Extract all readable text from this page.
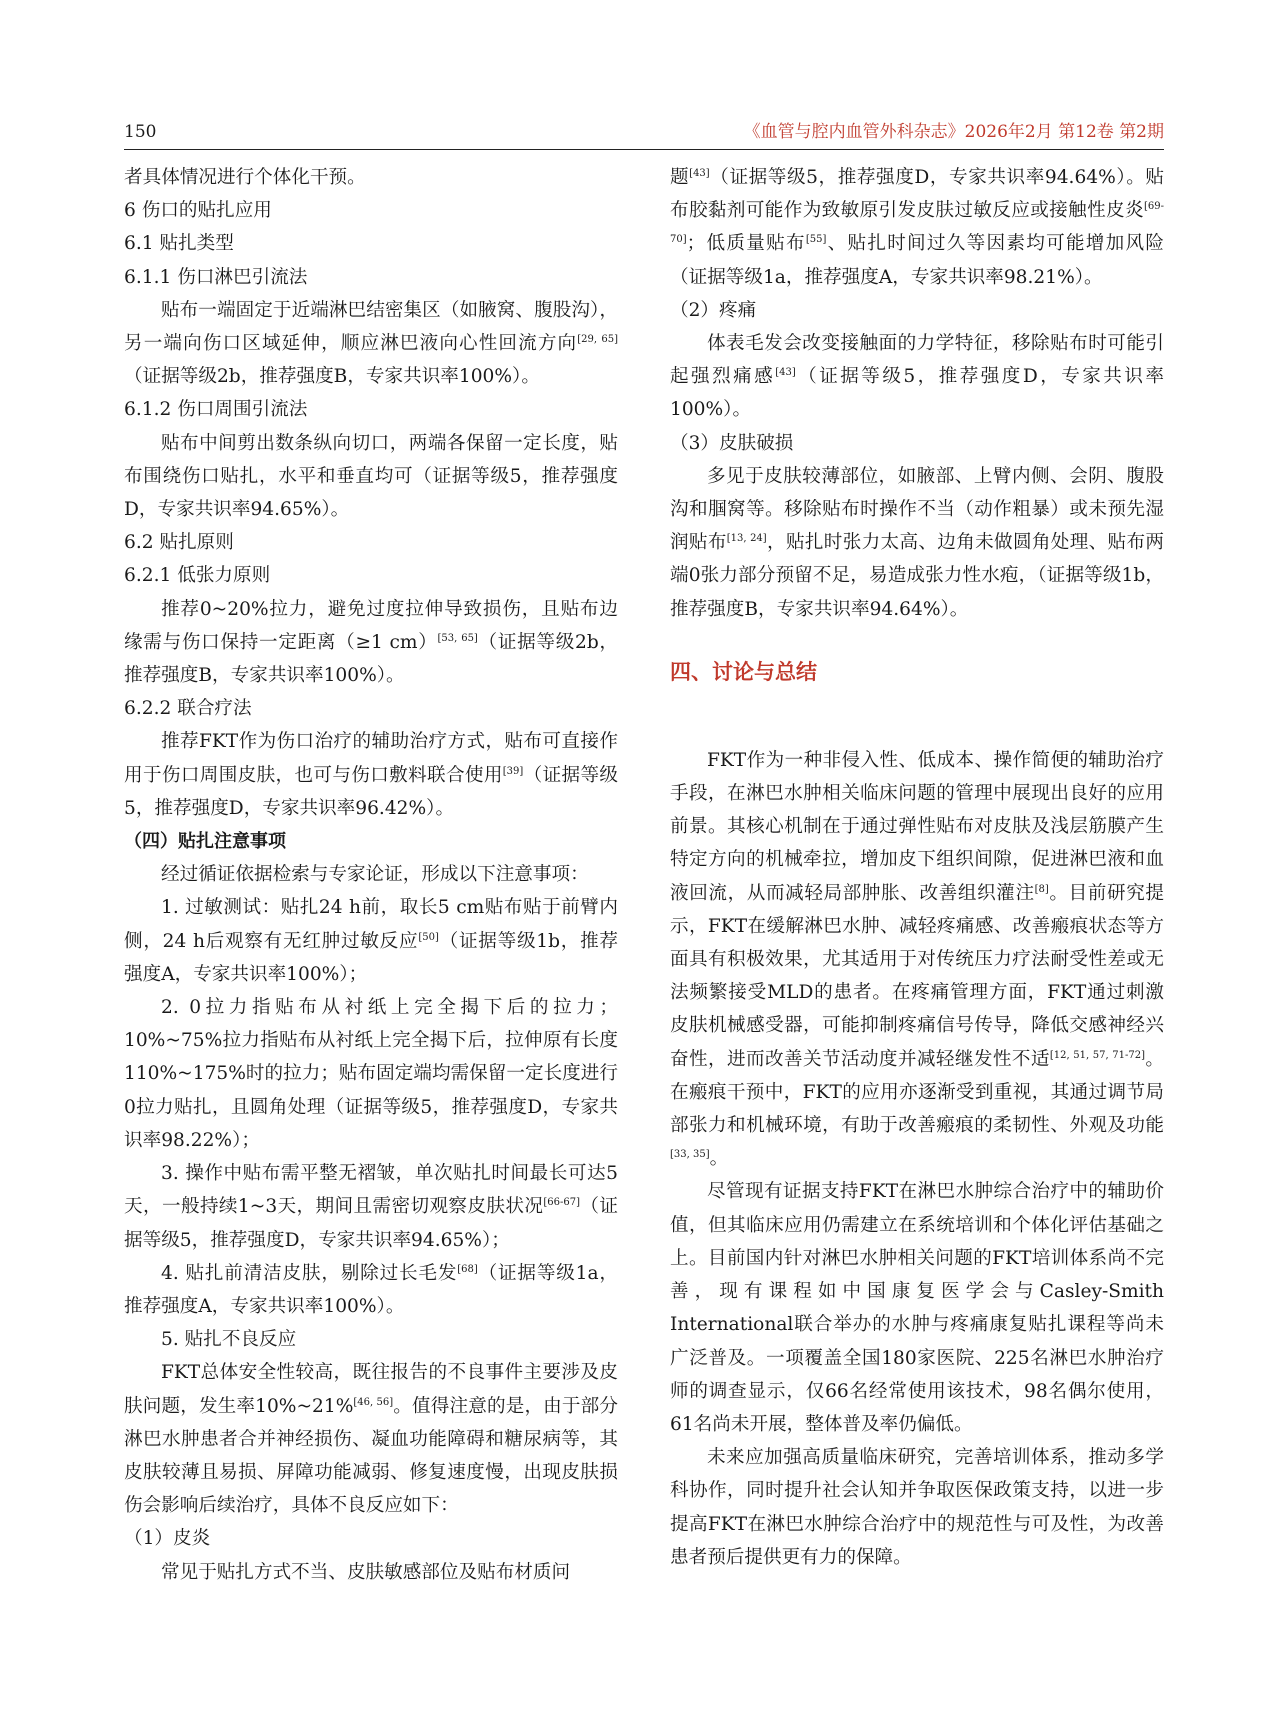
150	《血管与腔内血管外科杂志》2026年2月 第12卷 第2期

者具体情况进行个体化干预。

6 伤口的贴扎应用

6.1 贴扎类型

6.1.1 伤口淋巴引流法

贴布一端固定于近端淋巴结密集区（如腋窝、腹股沟），另一端向伤口区域延伸，顺应淋巴液向心性回流方向[29, 65]（证据等级2b，推荐强度B，专家共识率100%）。

6.1.2 伤口周围引流法

贴布中间剪出数条纵向切口，两端各保留一定长度，贴布围绕伤口贴扎，水平和垂直均可（证据等级5，推荐强度D，专家共识率94.65%）。

6.2 贴扎原则

6.2.1 低张力原则

推荐0~20%拉力，避免过度拉伸导致损伤，且贴布边缘需与伤口保持一定距离（≥1 cm）[53, 65]（证据等级2b，推荐强度B，专家共识率100%）。

6.2.2 联合疗法

推荐FKT作为伤口治疗的辅助治疗方式，贴布可直接作用于伤口周围皮肤，也可与伤口敷料联合使用[39]（证据等级5，推荐强度D，专家共识率96.42%）。

（四）贴扎注意事项

经过循证依据检索与专家论证，形成以下注意事项：

1. 过敏测试：贴扎24 h前，取长5 cm贴布贴于前臂内侧，24 h后观察有无红肿过敏反应[50]（证据等级1b，推荐强度A，专家共识率100%）；

2. 0拉力指贴布从衬纸上完全揭下后的拉力；10%~75%拉力指贴布从衬纸上完全揭下后，拉伸原有长度110%~175%时的拉力；贴布固定端均需保留一定长度进行0拉力贴扎，且圆角处理（证据等级5，推荐强度D，专家共识率98.22%）；

3. 操作中贴布需平整无褶皱，单次贴扎时间最长可达5天，一般持续1~3天，期间且需密切观察皮肤状况[66-67]（证据等级5，推荐强度D，专家共识率94.65%）；

4. 贴扎前清洁皮肤，剔除过长毛发[68]（证据等级1a，推荐强度A，专家共识率100%）。

5. 贴扎不良反应

FKT总体安全性较高，既往报告的不良事件主要涉及皮肤问题，发生率10%~21%[46, 56]。值得注意的是，由于部分淋巴水肿患者合并神经损伤、凝血功能障碍和糖尿病等，其皮肤较薄且易损、屏障功能减弱、修复速度慢，出现皮肤损伤会影响后续治疗，具体不良反应如下：

（1）皮炎

常见于贴扎方式不当、皮肤敏感部位及贴布材质问

题[43]（证据等级5，推荐强度D，专家共识率94.64%）。贴布胶黏剂可能作为致敏原引发皮肤过敏反应或接触性皮炎[69-70]；低质量贴布[55]、贴扎时间过久等因素均可能增加风险（证据等级1a，推荐强度A，专家共识率98.21%）。

（2）疼痛

体表毛发会改变接触面的力学特征，移除贴布时可能引起强烈痛感[43]（证据等级5，推荐强度D，专家共识率100%）。

（3）皮肤破损

多见于皮肤较薄部位，如腋部、上臂内侧、会阴、腹股沟和腘窝等。移除贴布时操作不当（动作粗暴）或未预先湿润贴布[13, 24]，贴扎时张力太高、边角未做圆角处理、贴布两端0张力部分预留不足，易造成张力性水疱，（证据等级1b，推荐强度B，专家共识率94.64%）。

四、讨论与总结

FKT作为一种非侵入性、低成本、操作简便的辅助治疗手段，在淋巴水肿相关临床问题的管理中展现出良好的应用前景。其核心机制在于通过弹性贴布对皮肤及浅层筋膜产生特定方向的机械牵拉，增加皮下组织间隙，促进淋巴液和血液回流，从而减轻局部肿胀、改善组织灌注[8]。目前研究提示，FKT在缓解淋巴水肿、减轻疼痛感、改善瘢痕状态等方面具有积极效果，尤其适用于对传统压力疗法耐受性差或无法频繁接受MLD的患者。在疼痛管理方面，FKT通过刺激皮肤机械感受器，可能抑制疼痛信号传导，降低交感神经兴奋性，进而改善关节活动度并减轻继发性不适[12, 51, 57, 71-72]。在瘢痕干预中，FKT的应用亦逐渐受到重视，其通过调节局部张力和机械环境，有助于改善瘢痕的柔韧性、外观及功能[33, 35]。

尽管现有证据支持FKT在淋巴水肿综合治疗中的辅助价值，但其临床应用仍需建立在系统培训和个体化评估基础之上。目前国内针对淋巴水肿相关问题的FKT培训体系尚不完善，现有课程如中国康复医学会与Casley-Smith International联合举办的水肿与疼痛康复贴扎课程等尚未广泛普及。一项覆盖全国180家医院、225名淋巴水肿治疗师的调查显示，仅66名经常使用该技术，98名偶尔使用，61名尚未开展，整体普及率仍偏低。

未来应加强高质量临床研究，完善培训体系，推动多学科协作，同时提升社会认知并争取医保政策支持，以进一步提高FKT在淋巴水肿综合治疗中的规范性与可及性，为改善患者预后提供更有力的保障。
